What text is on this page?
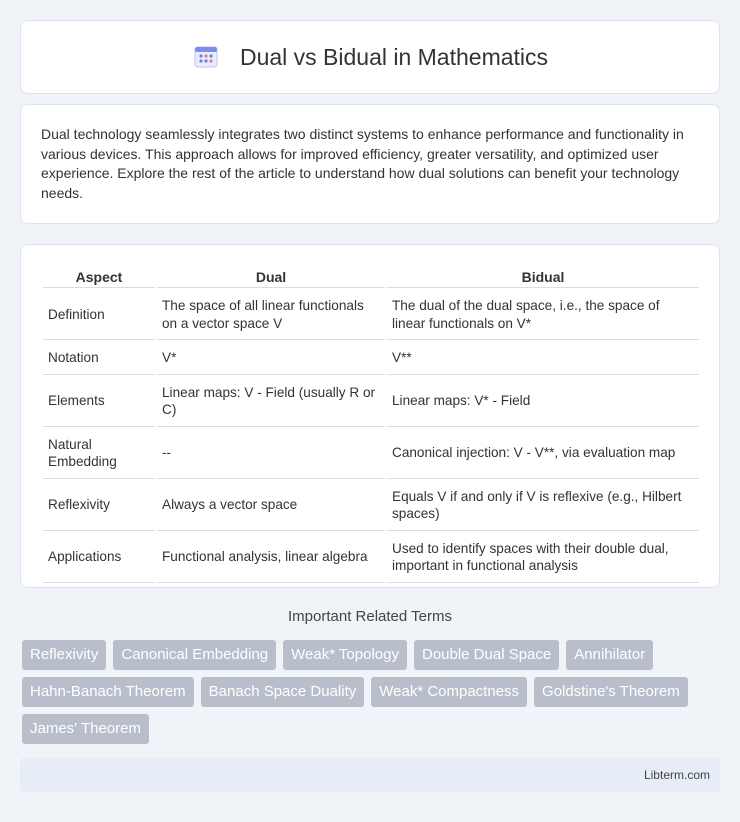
Dual vs Bidual in Mathematics

Dual technology seamlessly integrates two distinct systems to enhance performance and functionality in various devices. This approach allows for improved efficiency, greater versatility, and optimized user experience. Explore the rest of the article to understand how dual solutions can benefit your technology needs.

Aspect	Dual	Bidual
Definition	The space of all linear functionals on a vector space V	The dual of the dual space, i.e., the space of linear functionals on V*
Notation	V*	V**
Elements	Linear maps: V - Field (usually R or C)	Linear maps: V* - Field
Natural Embedding	--	Canonical injection: V - V**, via evaluation map
Reflexivity	Always a vector space	Equals V if and only if V is reflexive (e.g., Hilbert spaces)
Applications	Functional analysis, linear algebra	Used to identify spaces with their double dual, important in functional analysis
Important Related Terms
Reflexivity	Canonical Embedding	Weak* Topology	Double Dual Space	Annihilator
Hahn-Banach Theorem	Banach Space Duality	Weak* Compactness	Goldstine's Theorem
James' Theorem
Libterm.com
